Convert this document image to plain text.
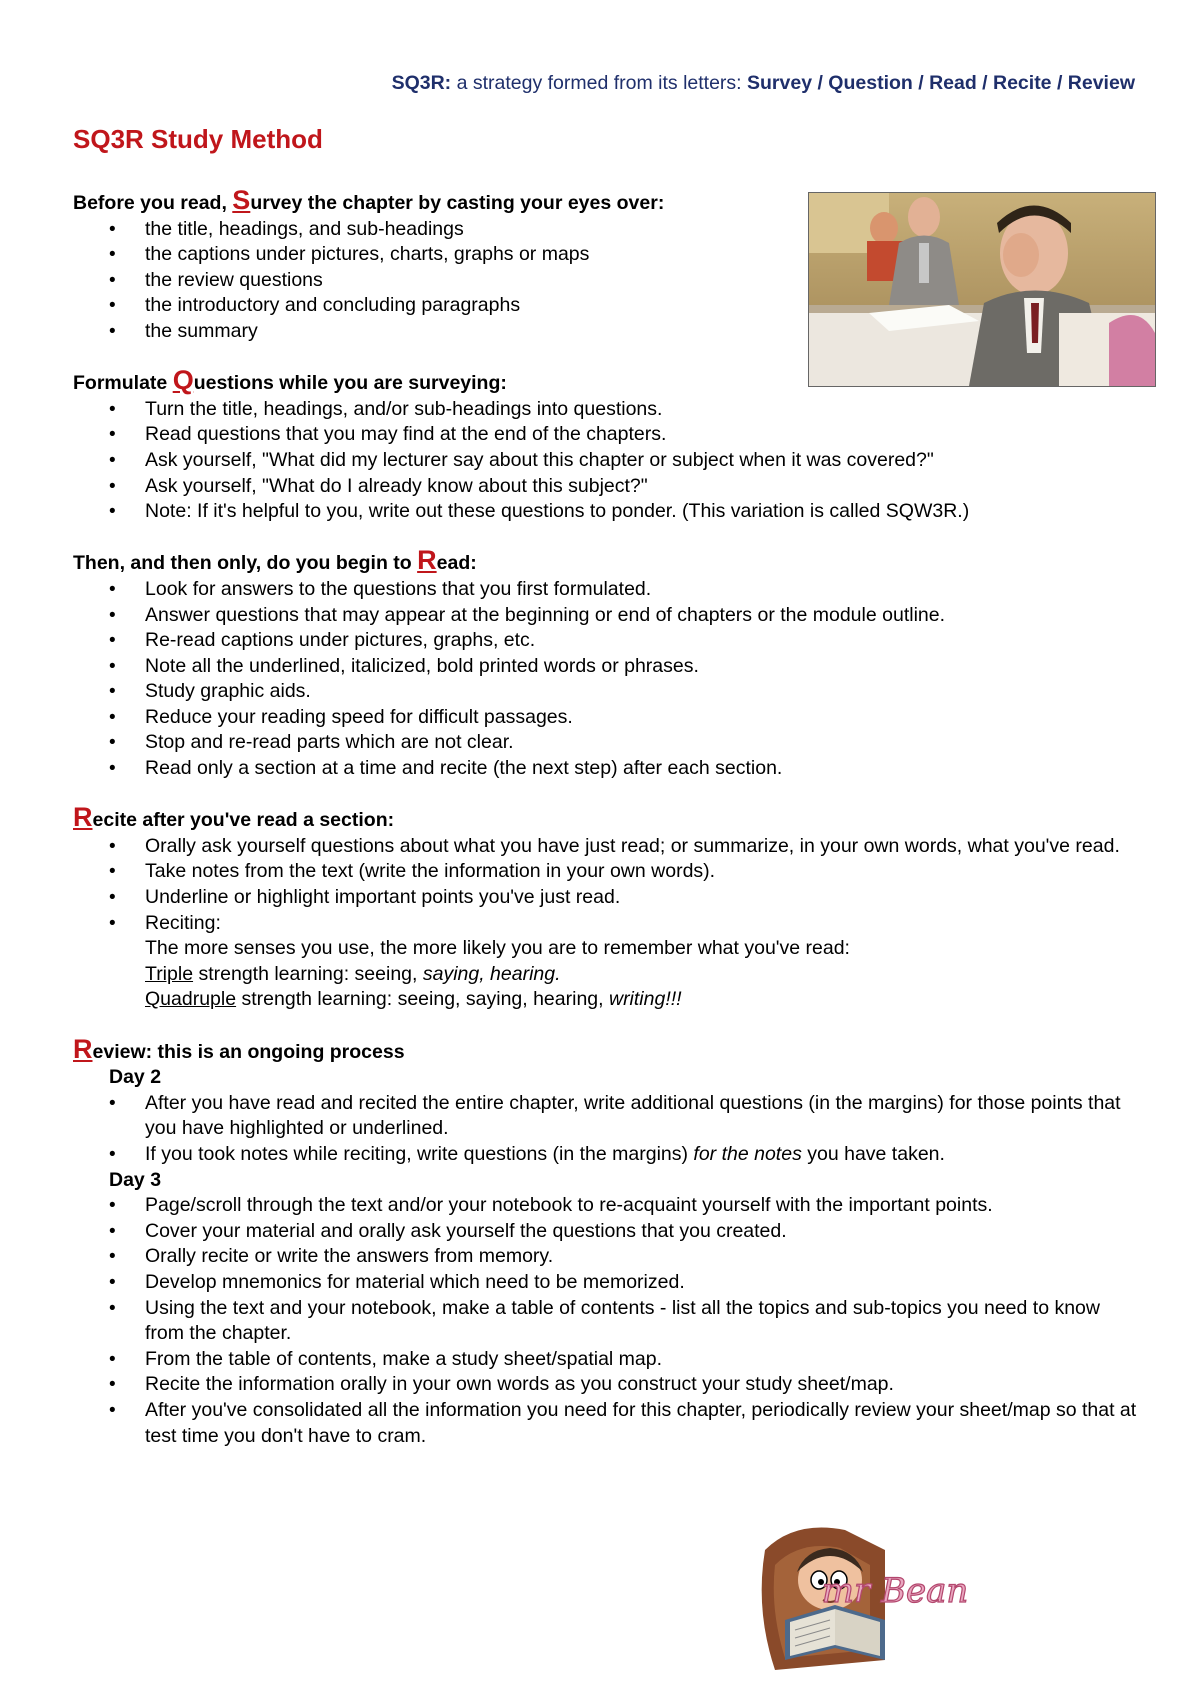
SQ3R: a strategy formed from its letters: Survey / Question / Read / Recite / Review
SQ3R Study Method

Before you read, Survey the chapter by casting your eyes over:

• the title, headings, and sub-headings
• the captions under pictures, charts, graphs or maps
• the review questions
• the introductory and concluding paragraphs
• the summary

Formulate Questions while you are surveying:

• Turn the title, headings, and/or sub-headings into questions.
• Read questions that you may find at the end of the chapters.
• Ask yourself, "What did my lecturer say about this chapter or subject when it was covered?"
• Ask yourself, "What do I already know about this subject?"
• Note: If it's helpful to you, write out these questions to ponder. (This variation is called SQW3R.)

Then, and then only, do you begin to Read:

• Look for answers to the questions that you first formulated.
• Answer questions that may appear at the beginning or end of chapters or the module outline.
• Re-read captions under pictures, graphs, etc.
• Note all the underlined, italicized, bold printed words or phrases.
• Study graphic aids.
• Reduce your reading speed for difficult passages.
• Stop and re-read parts which are not clear.
• Read only a section at a time and recite (the next step) after each section.

Recite after you've read a section:

• Orally ask yourself questions about what you have just read; or summarize, in your own words, what you've read.
• Take notes from the text (write the information in your own words).
• Underline or highlight important points you've just read.
• Reciting:
The more senses you use, the more likely you are to remember what you've read:
Triple strength learning: seeing, saying, hearing.
Quadruple strength learning: seeing, saying, hearing, writing!!!

Review: this is an ongoing process

Day 2
• After you have read and recited the entire chapter, write additional questions (in the margins) for those points that you have highlighted or underlined.
• If you took notes while reciting, write questions (in the margins) for the notes you have taken.
Day 3
• Page/scroll through the text and/or your notebook to re-acquaint yourself with the important points.
• Cover your material and orally ask yourself the questions that you created.
• Orally recite or write the answers from memory.
• Develop mnemonics for material which need to be memorized.
• Using the text and your notebook, make a table of contents - list all the topics and sub-topics you need to know from the chapter.
• From the table of contents, make a study sheet/spatial map.
• Recite the information orally in your own words as you construct your study sheet/map.
• After you've consolidated all the information you need for this chapter, periodically review your sheet/map so that at test time you don't have to cram.
mr Bean
